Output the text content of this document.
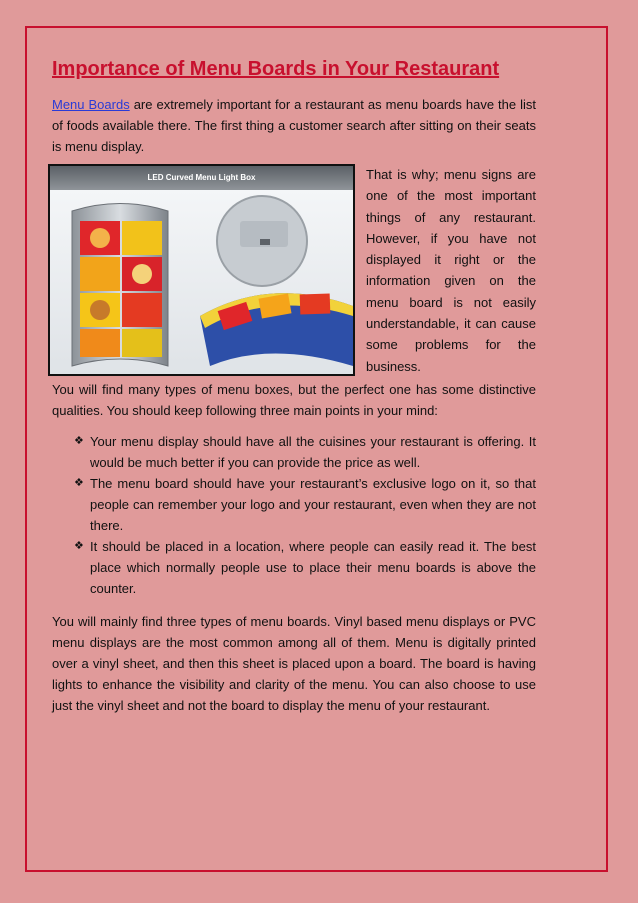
Importance of Menu Boards in Your Restaurant

Menu Boards are extremely important for a restaurant as menu boards have the list of foods available there. The first thing a customer search after sitting on their seats is menu display.

LED Curved Menu Light Box	That is why; menu signs are one of the most important things of any restaurant. However, if you have not displayed it right or the information given on the menu board is not easily understandable, it can cause some problems for the business.

You will find many types of menu boxes, but the perfect one has some distinctive qualities. You should keep following three main points in your mind:

❖ Your menu display should have all the cuisines your restaurant is offering. It would be much better if you can provide the price as well.
❖ The menu board should have your restaurant’s exclusive logo on it, so that people can remember your logo and your restaurant, even when they are not there.
❖ It should be placed in a location, where people can easily read it. The best place which normally people use to place their menu boards is above the counter.

You will mainly find three types of menu boards. Vinyl based menu displays or PVC menu displays are the most common among all of them. Menu is digitally printed over a vinyl sheet, and then this sheet is placed upon a board. The board is having lights to enhance the visibility and clarity of the menu. You can also choose to use just the vinyl sheet and not the board to display the menu of your restaurant.
